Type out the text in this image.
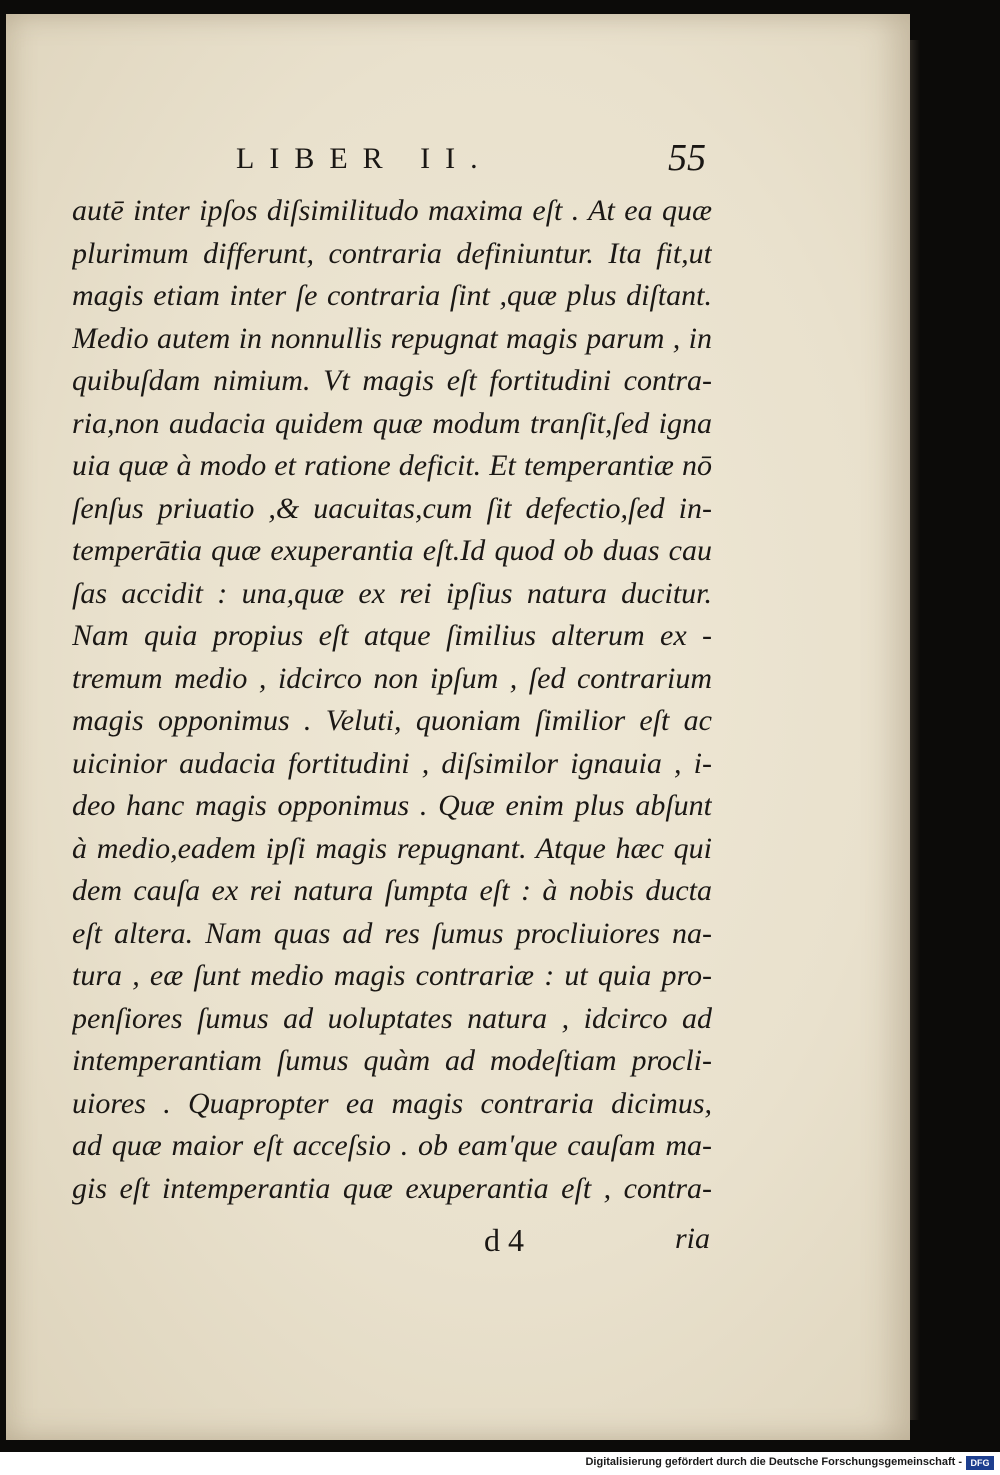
LIBER II.	55
autē inter ipſos diſsimilitudo maxima eſt . At ea quæ
plurimum differunt, contraria definiuntur. Ita fit,ut
magis etiam inter ſe contraria ſint ,quæ plus diſtant.
Medio autem in nonnullis repugnat magis parum , in
quibuſdam nimium. Vt magis eſt fortitudini contra-
ria,non audacia quidem quæ modum tranſit,ſed igna
uia quæ à modo et ratione deficit. Et temperantiæ nō
ſenſus priuatio ,& uacuitas,cum ſit defectio,ſed in-
temperātia quæ exuperantia eſt.Id quod ob duas cau
ſas accidit : una,quæ ex rei ipſius natura ducitur.
Nam quia propius eſt atque ſimilius alterum ex -
tremum medio , idcirco non ipſum , ſed contrarium
magis opponimus . Veluti, quoniam ſimilior eſt ac
uicinior audacia fortitudini , diſsimilor ignauia , i-
deo hanc magis opponimus . Quæ enim plus abſunt
à medio,eadem ipſi magis repugnant. Atque hæc qui
dem cauſa ex rei natura ſumpta eſt : à nobis ducta
eſt altera. Nam quas ad res ſumus procliuiores na-
tura , eæ ſunt medio magis contrariæ : ut quia pro-
penſiores ſumus ad uoluptates natura , idcirco ad
intemperantiam ſumus quàm ad modeſtiam procli-
uiores . Quapropter ea magis contraria dicimus,
ad quæ maior eſt acceſsio . ob eam'que cauſam ma-
gis eſt intemperantia quæ exuperantia eſt , contra-
d 4	ria
Digitalisierung gefördert durch die Deutsche Forschungsgemeinschaft - DFG
